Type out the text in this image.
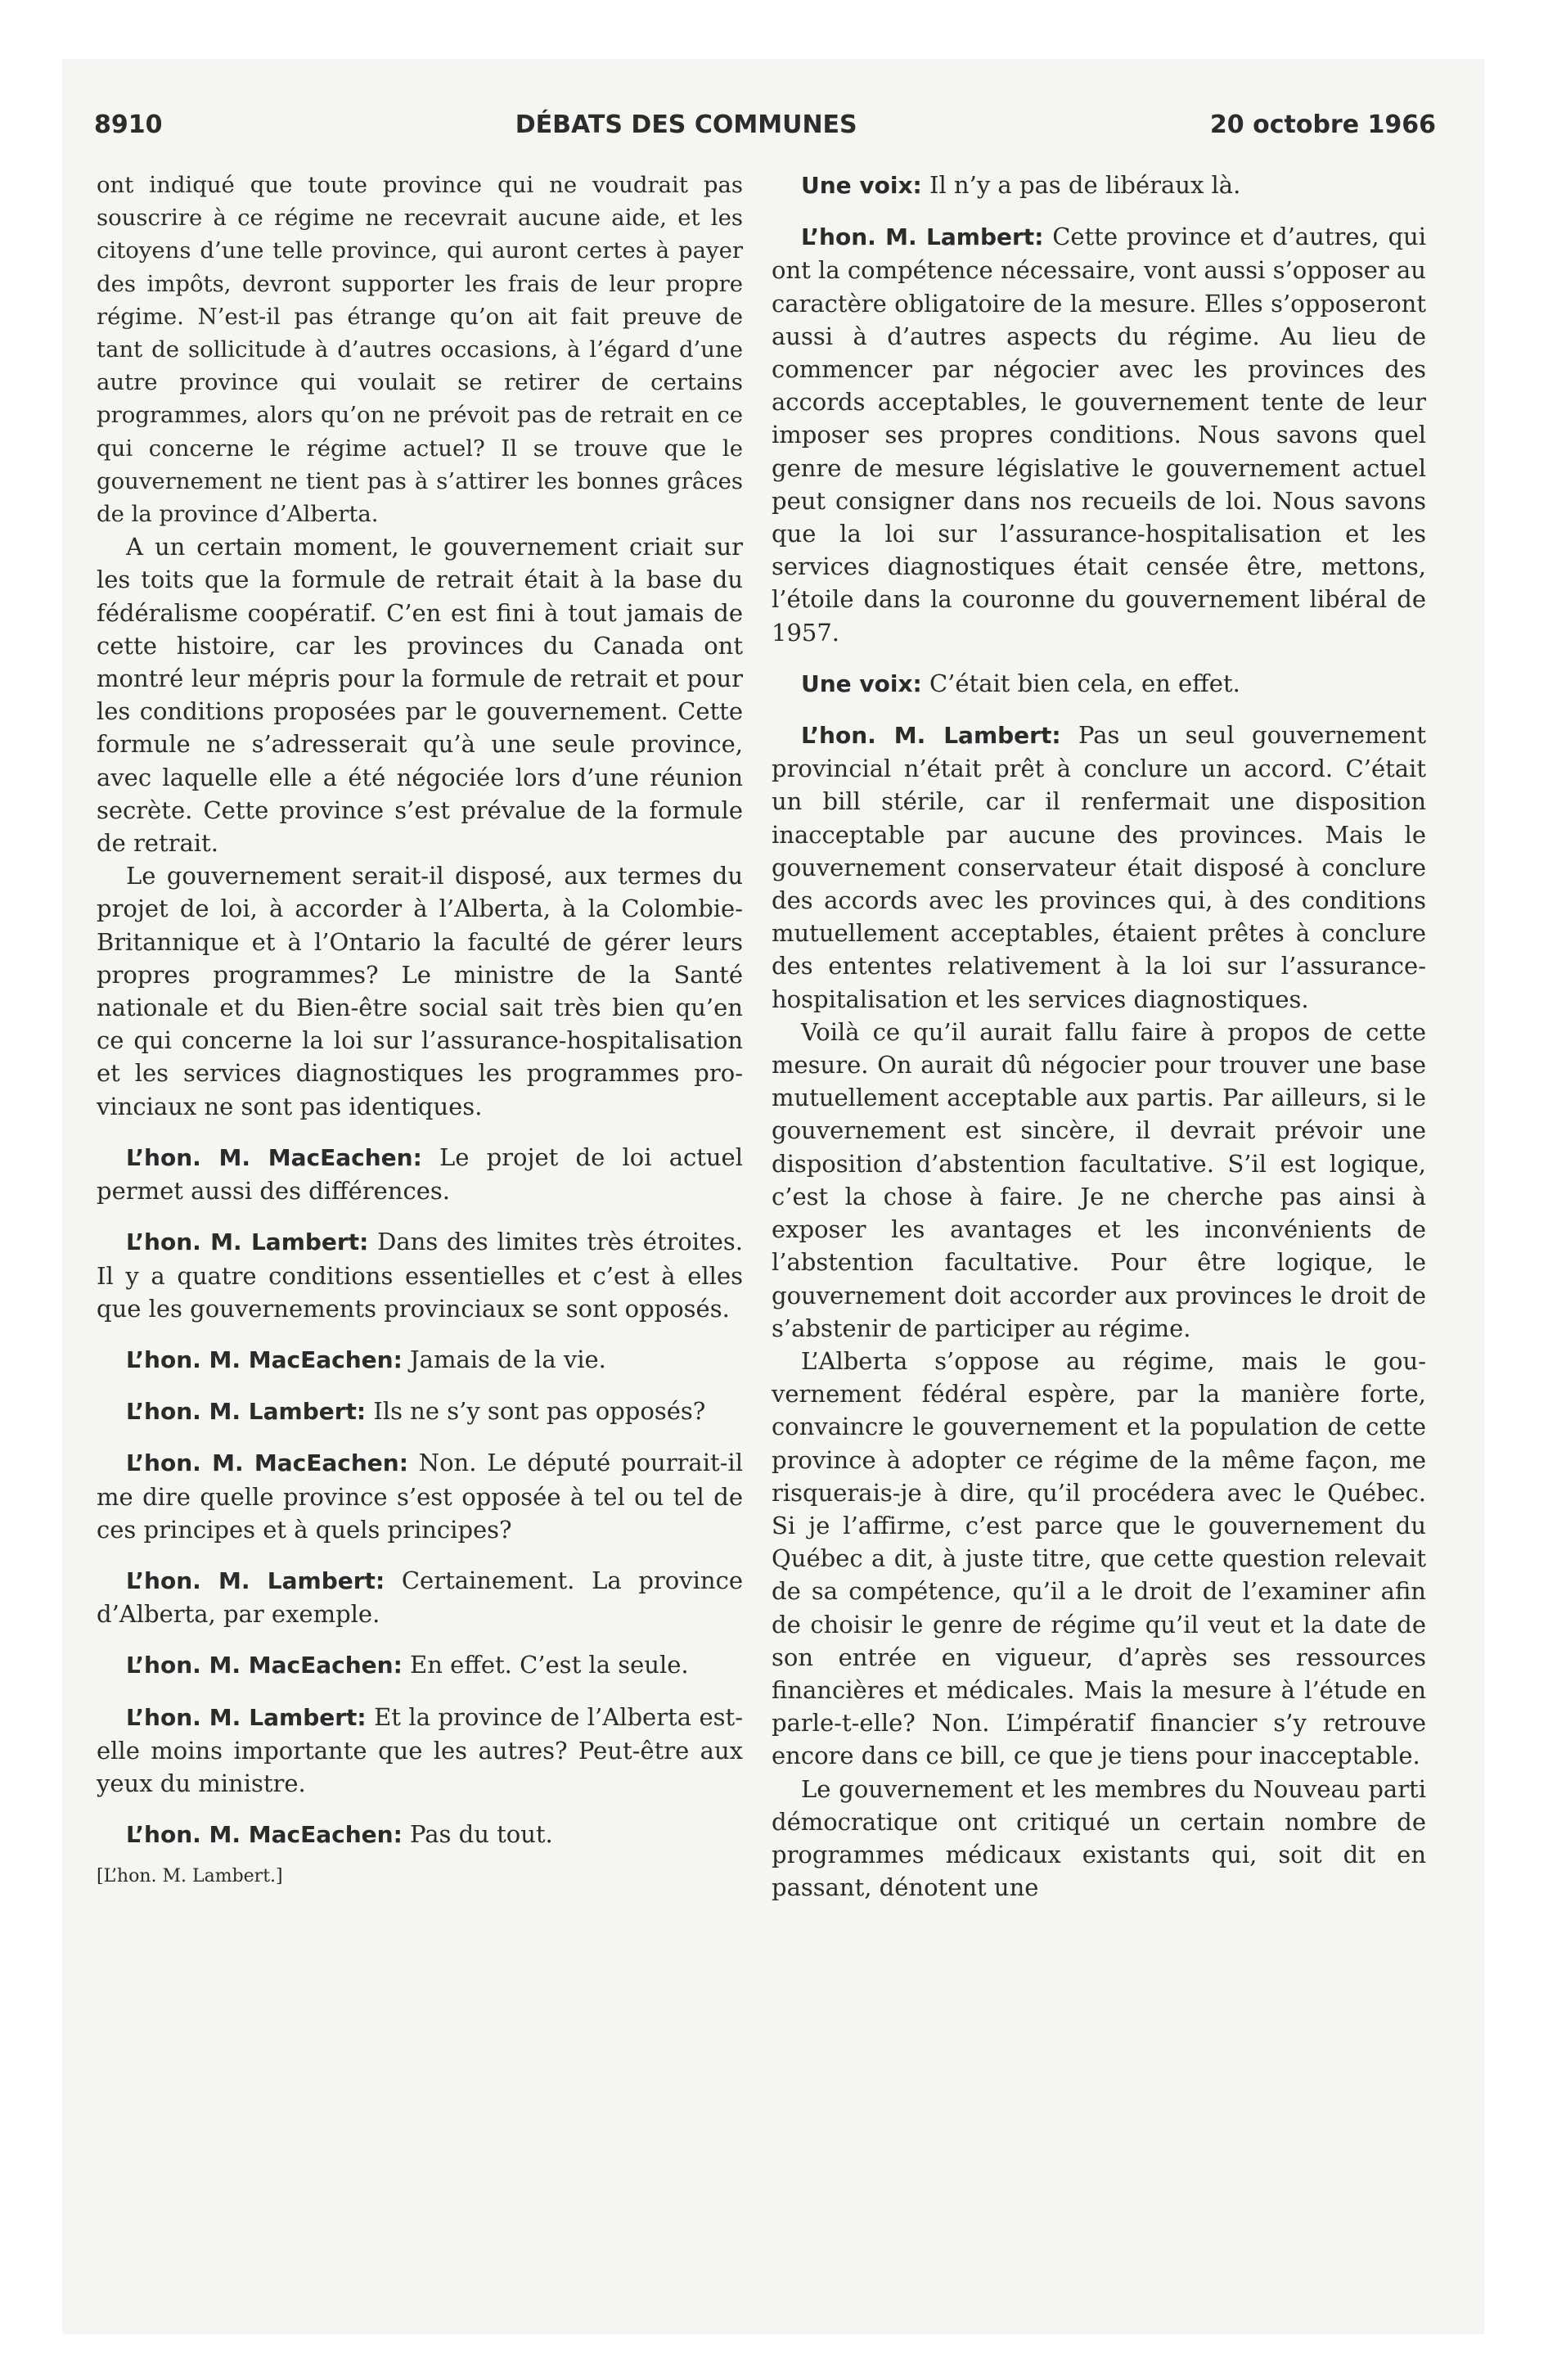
8910	DÉBATS DES COMMUNES	20 octobre 1966

ont indiqué que toute province qui ne voudrait pas souscrire à ce régime ne recevrait aucune aide, et les citoyens d’une telle province, qui auront certes à payer des impôts, devront supporter les frais de leur propre régime. N’est-il pas étrange qu’on ait fait preuve de tant de sollicitude à d’autres occasions, à l’égard d’une autre province qui voulait se retirer de certains programmes, alors qu’on ne prévoit pas de retrait en ce qui concerne le régime actuel? Il se trouve que le gouvernement ne tient pas à s’attirer les bonnes grâces de la province d’Alberta.

A un certain moment, le gouvernement criait sur les toits que la formule de retrait était à la base du fédéralisme coopératif. C’en est fini à tout jamais de cette histoire, car les provinces du Canada ont montré leur mépris pour la formule de retrait et pour les conditions proposées par le gouvernement. Cette formule ne s’adresserait qu’à une seule province, avec laquelle elle a été négociée lors d’une réunion secrète. Cette province s’est prévalue de la formule de retrait.

Le gouvernement serait-il disposé, aux termes du projet de loi, à accorder à l’Alberta, à la Colombie-Britannique et à l’Ontario la faculté de gérer leurs propres programmes? Le ministre de la Santé nationale et du Bien-être social sait très bien qu’en ce qui concerne la loi sur l’assurance-hospitalisation et les services diagnostiques les programmes provinciaux ne sont pas identiques.

L’hon. M. MacEachen: Le projet de loi actuel permet aussi des différences.

L’hon. M. Lambert: Dans des limites très étroites. Il y a quatre conditions essentielles et c’est à elles que les gouvernements provinciaux se sont opposés.

L’hon. M. MacEachen: Jamais de la vie.

L’hon. M. Lambert: Ils ne s’y sont pas opposés?

L’hon. M. MacEachen: Non. Le député pourrait-il me dire quelle province s’est opposée à tel ou tel de ces principes et à quels principes?

L’hon. M. Lambert: Certainement. La province d’Alberta, par exemple.

L’hon. M. MacEachen: En effet. C’est la seule.

L’hon. M. Lambert: Et la province de l’Alberta est-elle moins importante que les autres? Peut-être aux yeux du ministre.

L’hon. M. MacEachen: Pas du tout.

[L’hon. M. Lambert.]

Une voix: Il n’y a pas de libéraux là.

L’hon. M. Lambert: Cette province et d’autres, qui ont la compétence nécessaire, vont aussi s’opposer au caractère obligatoire de la mesure. Elles s’opposeront aussi à d’autres aspects du régime. Au lieu de commencer par négocier avec les provinces des accords acceptables, le gouvernement tente de leur imposer ses propres conditions. Nous savons quel genre de mesure législative le gouvernement actuel peut consigner dans nos recueils de loi. Nous savons que la loi sur l’assurance-hospitalisation et les services diagnostiques était censée être, mettons, l’étoile dans la couronne du gouvernement libéral de 1957.

Une voix: C’était bien cela, en effet.

L’hon. M. Lambert: Pas un seul gouvernement provincial n’était prêt à conclure un accord. C’était un bill stérile, car il renfermait une disposition inacceptable par aucune des provinces. Mais le gouvernement conservateur était disposé à conclure des accords avec les provinces qui, à des conditions mutuellement acceptables, étaient prêtes à conclure des ententes relativement à la loi sur l’assurance-hospitalisation et les services diagnostiques.

Voilà ce qu’il aurait fallu faire à propos de cette mesure. On aurait dû négocier pour trouver une base mutuellement acceptable aux partis. Par ailleurs, si le gouvernement est sincère, il devrait prévoir une disposition d’abstention facultative. S’il est logique, c’est la chose à faire. Je ne cherche pas ainsi à exposer les avantages et les inconvénients de l’abstention facultative. Pour être logique, le gouvernement doit accorder aux provinces le droit de s’abstenir de participer au régime.

L’Alberta s’oppose au régime, mais le gouvernement fédéral espère, par la manière forte, convaincre le gouvernement et la population de cette province à adopter ce régime de la même façon, me risquerais-je à dire, qu’il procédera avec le Québec. Si je l’affirme, c’est parce que le gouvernement du Québec a dit, à juste titre, que cette question relevait de sa compétence, qu’il a le droit de l’examiner afin de choisir le genre de régime qu’il veut et la date de son entrée en vigueur, d’après ses ressources financières et médicales. Mais la mesure à l’étude en parle-t-elle? Non. L’impératif financier s’y retrouve encore dans ce bill, ce que je tiens pour inacceptable.

Le gouvernement et les membres du Nouveau parti démocratique ont critiqué un certain nombre de programmes médicaux existants qui, soit dit en passant, dénotent une
